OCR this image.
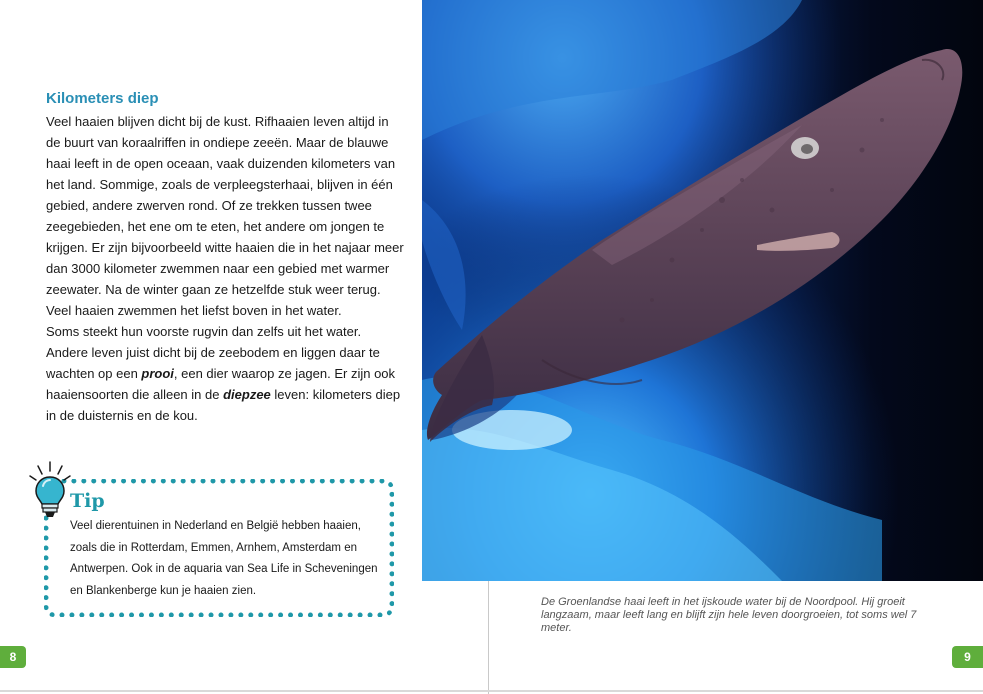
Kilometers diep

Veel haaien blijven dicht bij de kust. Rifhaaien leven altijd in de buurt van koraalriffen in ondiepe zeeën. Maar de blauwe haai leeft in de open oceaan, vaak duizenden kilometers van het land. Sommige, zoals de verpleegsterhaai, blijven in één gebied, andere zwerven rond. Of ze trekken tussen twee zeegebieden, het ene om te eten, het andere om jongen te krijgen. Er zijn bijvoorbeeld witte haaien die in het najaar meer dan 3000 kilometer zwemmen naar een gebied met warmer zeewater. Na de winter gaan ze hetzelfde stuk weer terug.
Veel haaien zwemmen het liefst boven in het water.
Soms steekt hun voorste rugvin dan zelfs uit het water. Andere leven juist dicht bij de zeebodem en liggen daar te wachten op een prooi, een dier waarop ze jagen. Er zijn ook haaiensoorten die alleen in de diepzee leven: kilometers diep in de duisternis en de kou.

Tip

Veel dierentuinen in Nederland en België hebben haaien, zoals die in Rotterdam, Emmen, Arnhem, Amsterdam en Antwerpen. Ook in de aquaria van Sea Life in Scheveningen en Blankenberge kun je haaien zien.

8

De Groenlandse haai leeft in het ijskoude water bij de Noordpool. Hij groeit langzaam, maar leeft lang en blijft zijn hele leven doorgroeien, tot soms wel 7 meter.

9
